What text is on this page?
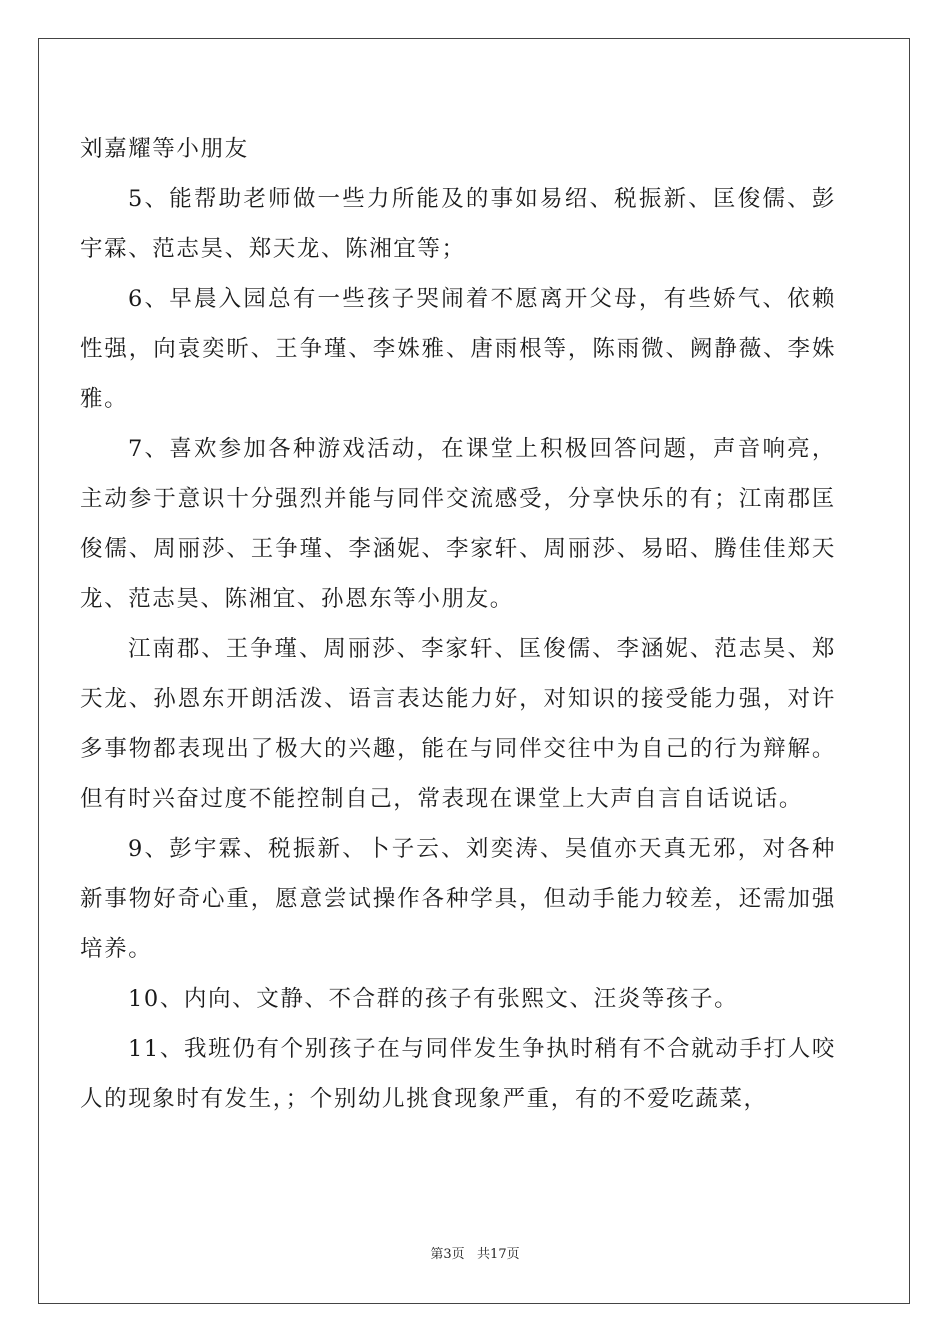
刘嘉耀等小朋友

5、能帮助老师做一些力所能及的事如易绍、税振新、匡俊儒、彭宇霖、范志昊、郑天龙、陈湘宜等；

6、早晨入园总有一些孩子哭闹着不愿离开父母，有些娇气、依赖性强，向袁奕昕、王争瑾、李姝雅、唐雨根等，陈雨微、阙静薇、李姝雅。

7、喜欢参加各种游戏活动，在课堂上积极回答问题，声音响亮，主动参于意识十分强烈并能与同伴交流感受，分享快乐的有；江南郡匡俊儒、周丽莎、王争瑾、李涵妮、李家轩、周丽莎、易昭、腾佳佳郑天龙、范志昊、陈湘宜、孙恩东等小朋友。

江南郡、王争瑾、周丽莎、李家轩、匡俊儒、李涵妮、范志昊、郑天龙、孙恩东开朗活泼、语言表达能力好，对知识的接受能力强，对许多事物都表现出了极大的兴趣，能在与同伴交往中为自己的行为辩解。但有时兴奋过度不能控制自己，常表现在课堂上大声自言自话说话。

9、彭宇霖、税振新、卜子云、刘奕涛、吴值亦天真无邪，对各种新事物好奇心重，愿意尝试操作各种学具，但动手能力较差，还需加强培养。

10、内向、文静、不合群的孩子有张熙文、汪炎等孩子。

11、我班仍有个别孩子在与同伴发生争执时稍有不合就动手打人咬人的现象时有发生，；个别幼儿挑食现象严重，有的不爱吃蔬菜，

第3页   共17页
